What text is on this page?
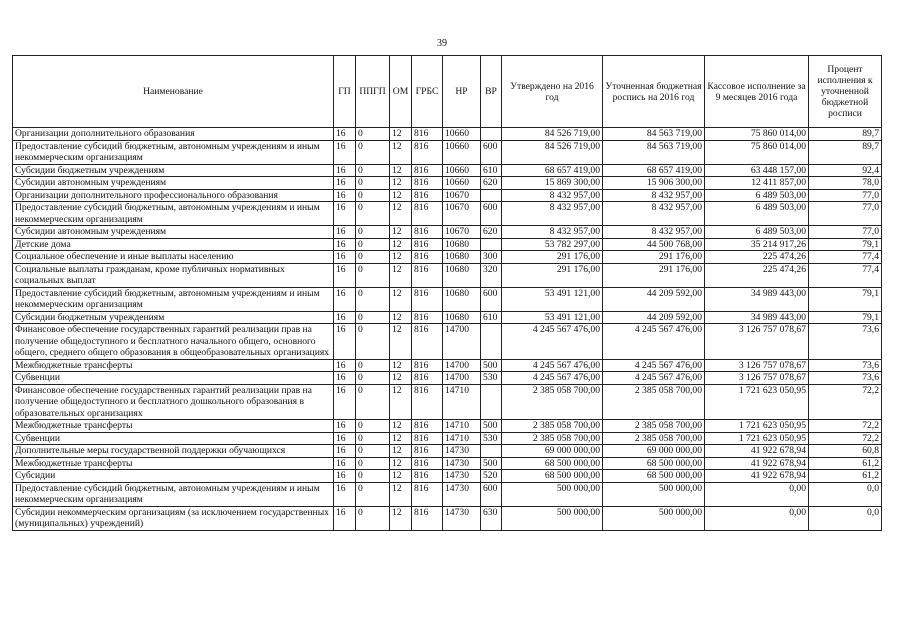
39
Наименование	ГП	ППГП	ОМ	ГРБС	НР	ВР	Утверждено на 2016 год	Уточненная бюджетная роспись на 2016 год	Кассовое исполнение за 9 месяцев 2016 года	Процент исполнения к уточненной бюджетной росписи
Организации дополнительного образования	16	0	12	816	10660		84 526 719,00	84 563 719,00	75 860 014,00	89,7
Предоставление субсидий бюджетным, автономным учреждениям и иным некоммерческим организациям	16	0	12	816	10660	600	84 526 719,00	84 563 719,00	75 860 014,00	89,7
Субсидии бюджетным учреждениям	16	0	12	816	10660	610	68 657 419,00	68 657 419,00	63 448 157,00	92,4
Субсидии автономным учреждениям	16	0	12	816	10660	620	15 869 300,00	15 906 300,00	12 411 857,00	78,0
Организации дополнительного профессионального образования	16	0	12	816	10670		8 432 957,00	8 432 957,00	6 489 503,00	77,0
Предоставление субсидий бюджетным, автономным учреждениям и иным некоммерческим организациям	16	0	12	816	10670	600	8 432 957,00	8 432 957,00	6 489 503,00	77,0
Субсидии автономным учреждениям	16	0	12	816	10670	620	8 432 957,00	8 432 957,00	6 489 503,00	77,0
Детские дома	16	0	12	816	10680		53 782 297,00	44 500 768,00	35 214 917,26	79,1
Социальное обеспечение и иные выплаты населению	16	0	12	816	10680	300	291 176,00	291 176,00	225 474,26	77,4
Социальные выплаты гражданам, кроме публичных нормативных социальных выплат	16	0	12	816	10680	320	291 176,00	291 176,00	225 474,26	77,4
Предоставление субсидий бюджетным, автономным учреждениям и иным некоммерческим организациям	16	0	12	816	10680	600	53 491 121,00	44 209 592,00	34 989 443,00	79,1
Субсидии бюджетным учреждениям	16	0	12	816	10680	610	53 491 121,00	44 209 592,00	34 989 443,00	79,1
Финансовое обеспечение государственных гарантий реализации прав на получение общедоступного и бесплатного начального общего, основного общего, среднего общего образования в общеобразовательных организациях	16	0	12	816	14700		4 245 567 476,00	4 245 567 476,00	3 126 757 078,67	73,6
Межбюджетные трансферты	16	0	12	816	14700	500	4 245 567 476,00	4 245 567 476,00	3 126 757 078,67	73,6
Субвенции	16	0	12	816	14700	530	4 245 567 476,00	4 245 567 476,00	3 126 757 078,67	73,6
Финансовое обеспечение государственных гарантий реализации прав на получение общедоступного и бесплатного дошкольного образования в образовательных организациях	16	0	12	816	14710		2 385 058 700,00	2 385 058 700,00	1 721 623 050,95	72,2
Межбюджетные трансферты	16	0	12	816	14710	500	2 385 058 700,00	2 385 058 700,00	1 721 623 050,95	72,2
Субвенции	16	0	12	816	14710	530	2 385 058 700,00	2 385 058 700,00	1 721 623 050,95	72,2
Дополнительные меры государственной поддержки обучающихся	16	0	12	816	14730		69 000 000,00	69 000 000,00	41 922 678,94	60,8
Межбюджетные трансферты	16	0	12	816	14730	500	68 500 000,00	68 500 000,00	41 922 678,94	61,2
Субсидии	16	0	12	816	14730	520	68 500 000,00	68 500 000,00	41 922 678,94	61,2
Предоставление субсидий бюджетным, автономным учреждениям и иным некоммерческим организациям	16	0	12	816	14730	600	500 000,00	500 000,00	0,00	0,0
Субсидии некоммерческим организациям (за исключением государственных (муниципальных) учреждений)	16	0	12	816	14730	630	500 000,00	500 000,00	0,00	0,0
